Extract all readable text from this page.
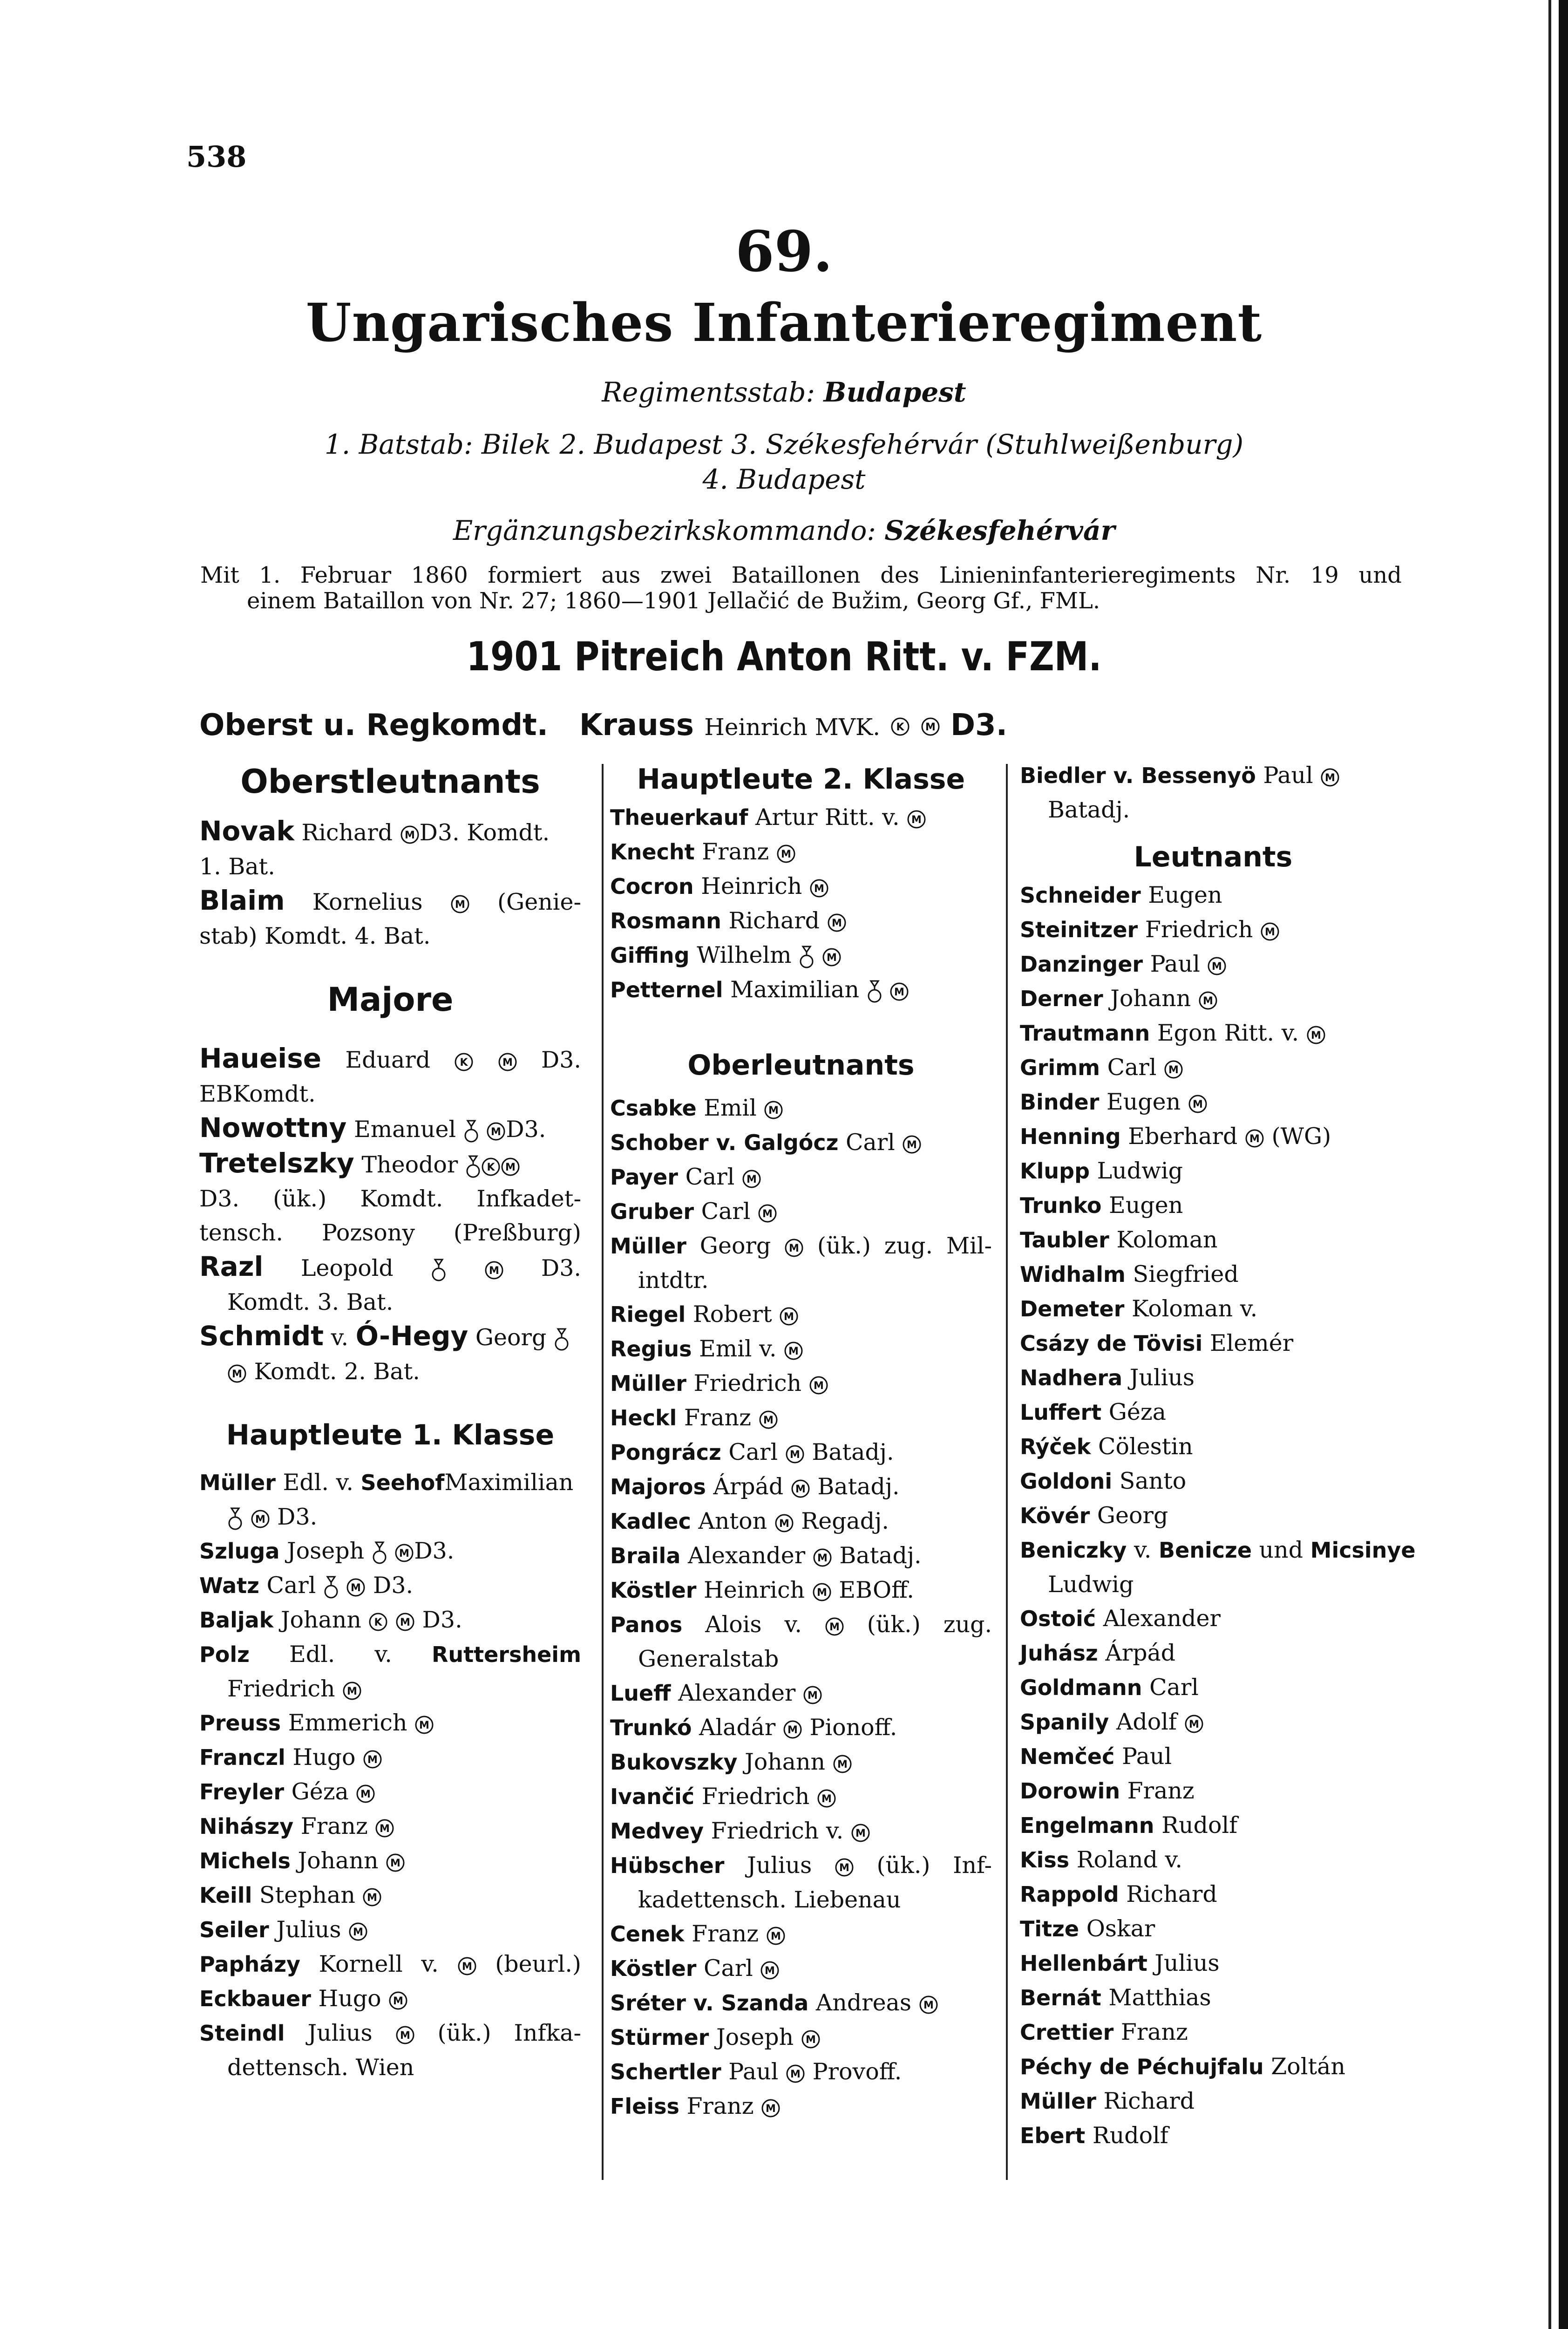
538
69.
Ungarisches Infanterieregiment
Regimentsstab: Budapest
1. Batstab: Bilek 2. Budapest 3. Székesfehérvár (Stuhlweißenburg)
4. Budapest
Ergänzungsbezirkskommando: Székesfehérvár
Mit 1. Februar 1860 formiert aus zwei Bataillonen des Linieninfanterieregiments Nr. 19 und
einem Bataillon von Nr. 27; 1860—1901 Jellačić de Bužim, Georg Gf., FML.
1901 Pitreich Anton Ritt. v. FZM.
Oberst u. Regkomdt. Krauss Heinrich MVK. K
M D3.
Oberstleutnants
Novak Richard M D3. Komdt.
1. Bat.
Blaim Kornelius	M (Genie-
stab) Komdt. 4. Bat.
Majore
Haueise Eduard	K
	M D3.
EBKomdt.
Nowottny Emanuel	M D3.
Tretelszky Theodor	K M
D3. (ük.) Komdt. Infkadet-
tensch. Pozsony (Preßburg)
Razl Leopold	M D3.
Komdt. 3. Bat.
Schmidt v. Ó-Hegy Georg
M Komdt. 2. Bat.
Hauptleute 1. Klasse
Müller Edl. v. SeehofMaximilian

M D3.
Szluga Joseph	M D3.
Watz Carl	M D3.
Baljak Johann K
M D3.
Polz Edl. v. Ruttersheim
Friedrich M
Preuss Emmerich M
Franczl Hugo M
Freyler Géza M
Nihászy Franz M
Michels Johann M
Keill Stephan M
Seiler Julius M
Papházy Kornell v. M (beurl.)
Eckbauer Hugo M
Steindl Julius	M (ük.) Infka-
dettensch. Wien
Hauptleute 2. Klasse
Theuerkauf Artur Ritt. v. M
Knecht Franz M
Cocron Heinrich M
Rosmann Richard M
Giffing Wilhelm	M
Petternel Maximilian	M
Oberleutnants
Csabke Emil M
Schober v. Galgócz Carl M
Payer Carl M
Gruber Carl M
Müller Georg M (ük.) zug. Mil-
intdtr.
Riegel Robert M
Regius Emil v. M
Müller Friedrich M
Heckl Franz M
Pongrácz Carl M Batadj.
Majoros Árpád M Batadj.
Kadlec Anton M Regadj.
Braila Alexander M Batadj.
Köstler Heinrich M EBOff.
Panos Alois v.	M (ük.) zug.
Generalstab
Lueff Alexander M
Trunkó Aladár M Pionoff.
Bukovszky Johann M
Ivančić Friedrich M
Medvey Friedrich v. M
Hübscher Julius	M (ük.) Inf-
kadettensch. Liebenau
Cenek Franz M
Köstler Carl M
Sréter v. Szanda Andreas M
Stürmer Joseph M
Schertler Paul M Provoff.
Fleiss Franz M
Biedler v. Bessenyö Paul M
Batadj.
Leutnants
Schneider Eugen
Steinitzer Friedrich M
Danzinger Paul M
Derner Johann M
Trautmann Egon Ritt. v. M
Grimm Carl M
Binder Eugen M
Henning Eberhard M (WG)
Klupp Ludwig
Trunko Eugen
Taubler Koloman
Widhalm Siegfried
Demeter Koloman v.
Csázy de Tövisi Elemér
Nadhera Julius
Luffert Géza
Rýček Cölestin
Goldoni Santo
Kövér Georg
Beniczky v. Benicze und Micsinye
Ludwig
Ostoić Alexander
Juhász Árpád
Goldmann Carl
Spanily Adolf M
Nemčeć Paul
Dorowin Franz
Engelmann Rudolf
Kiss Roland v.
Rappold Richard
Titze Oskar
Hellenbárt Julius
Bernát Matthias
Crettier Franz
Péchy de Péchujfalu Zoltán
Müller Richard
Ebert Rudolf
